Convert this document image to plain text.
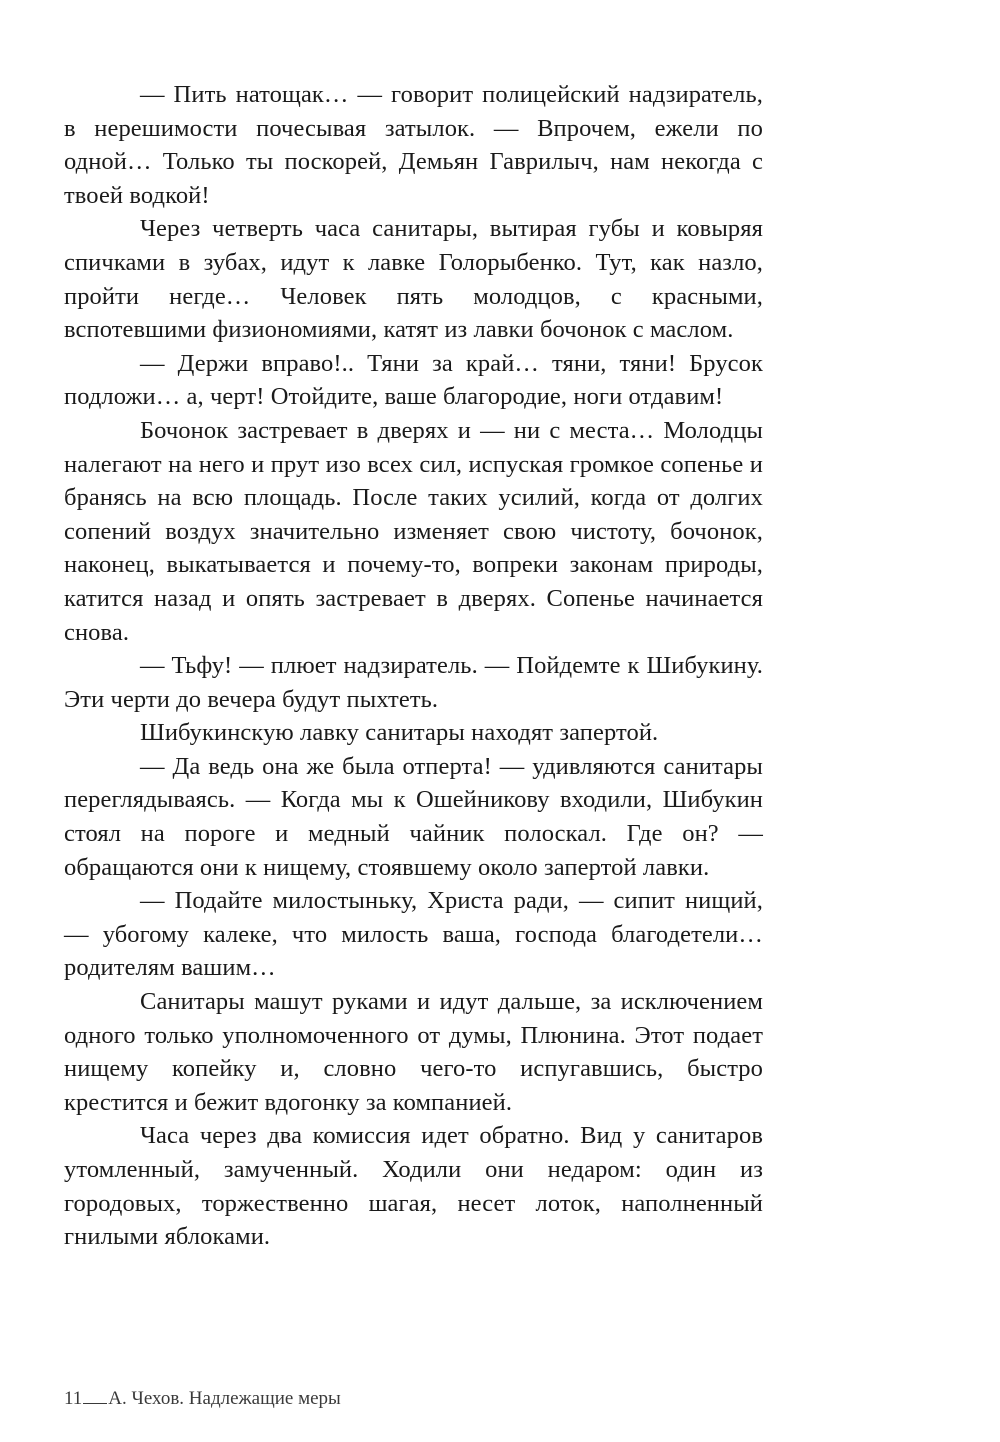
— Пить натощак… — говорит полицейский надзиратель, в нерешимости почесывая затылок. — Впрочем, ежели по одной… Только ты поскорей, Демьян Гаврилыч, нам некогда с твоей водкой!

Через четверть часа санитары, вытирая губы и ковыряя спичками в зубах, идут к лавке Голорыбенко. Тут, как назло, пройти негде… Человек пять молодцов, с красными, вспотевшими физиономиями, катят из лавки бочонок с маслом.

— Держи вправо!.. Тяни за край… тяни, тяни! Брусок подложи… а, черт! Отойдите, ваше благородие, ноги отдавим!

Бочонок застревает в дверях и — ни с места… Молодцы налегают на него и прут изо всех сил, испуская громкое сопенье и бранясь на всю площадь. После таких усилий, когда от долгих сопений воздух значительно изменяет свою чистоту, бочонок, наконец, выкатывается и почему-то, вопреки законам природы, катится назад и опять застревает в дверях. Сопенье начинается снова.

— Тьфу! — плюет надзиратель. — Пойдемте к Шибукину. Эти черти до вечера будут пыхтеть.

Шибукинскую лавку санитары находят запертой.

— Да ведь она же была отперта! — удивляются санитары переглядываясь. — Когда мы к Ошейникову входили, Шибукин стоял на пороге и медный чайник полоскал. Где он? — обращаются они к нищему, стоявшему около запертой лавки.

— Подайте милостыньку, Христа ради, — сипит нищий, — убогому калеке, что милость ваша, господа благодетели… родителям вашим…

Санитары машут руками и идут дальше, за исключением одного только уполномоченного от думы, Плюнина. Этот подает нищему копейку и, словно чего-то испугавшись, быстро крестится и бежит вдогонку за компанией.

Часа через два комиссия идет обратно. Вид у санитаров утомленный, замученный. Ходили они недаром: один из городовых, торжественно шагая, несет лоток, наполненный гнилыми яблоками.

11 А. Чехов. Надлежащие меры
